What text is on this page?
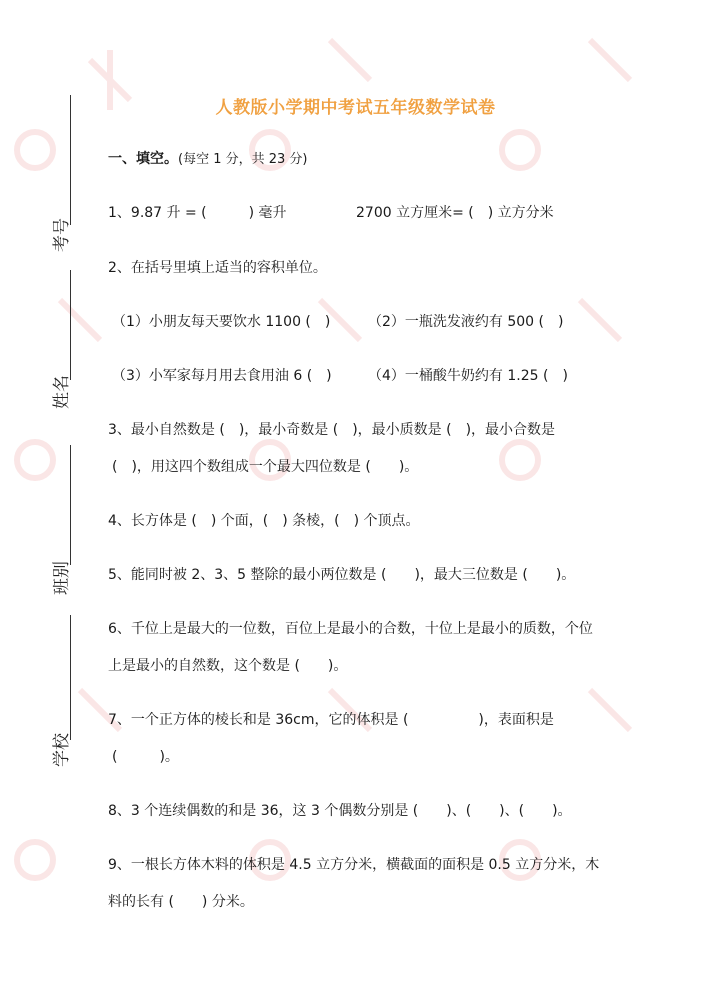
人教版小学期中考试五年级数学试卷
考号
姓名
班别
学校
一、填空。(每空 1 分，共 23 分)
1、9.87 升 = (　　　) 毫升	2700 立方厘米= (　) 立方分米
2、在括号里填上适当的容积单位。
（1）小朋友每天要饮水 1100 (　)	（2）一瓶洗发液约有 500 (　)
（3）小军家每月用去食用油 6 (　)	（4）一桶酸牛奶约有 1.25 (　)
3、最小自然数是 (　)，最小奇数是 (　)，最小质数是 (　)，最小合数是
(　)，用这四个数组成一个最大四位数是 (　　)。
4、长方体是 (　) 个面，(　) 条棱，(　) 个顶点。
5、能同时被 2、3、5 整除的最小两位数是 (　　)，最大三位数是 (　　)。
6、千位上是最大的一位数，百位上是最小的合数，十位上是最小的质数，个位
上是最小的自然数，这个数是 (　　)。
7、一个正方体的棱长和是 36cm，它的体积是 (　　　　　)，表面积是
(　　　)。
8、3 个连续偶数的和是 36，这 3 个偶数分别是 (　　)、(　　)、(　　)。
9、一根长方体木料的体积是 4.5 立方分米，横截面的面积是 0.5 立方分米，木
料的长有 (　　) 分米。
